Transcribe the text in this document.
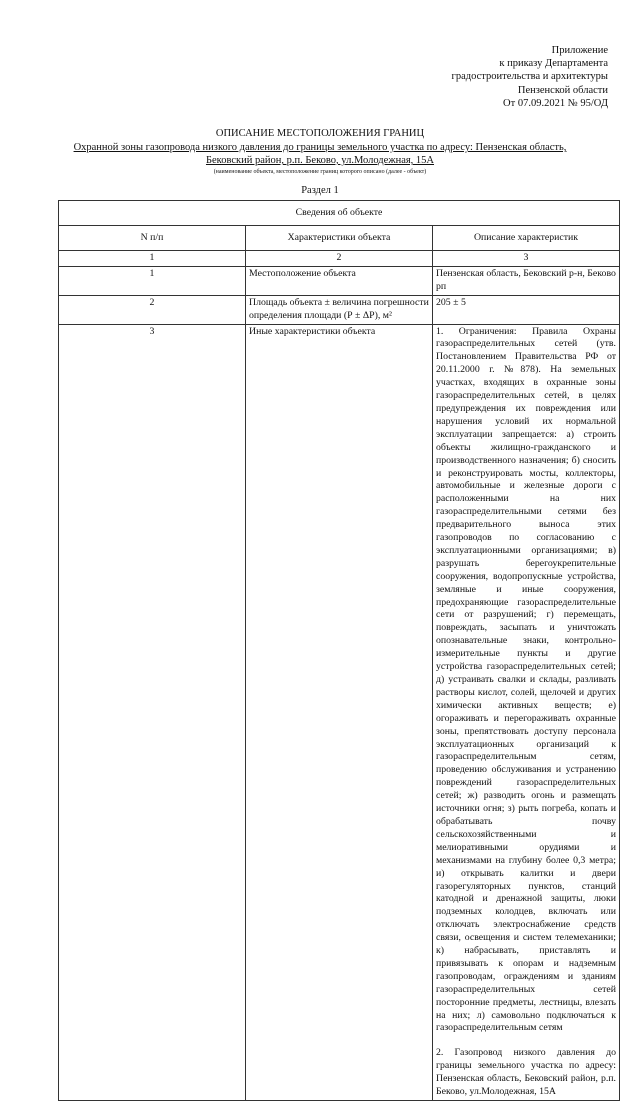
Приложение
к приказу Департамента
градостроительства и архитектуры
Пензенской области
От 07.09.2021 № 95/ОД
ОПИСАНИЕ МЕСТОПОЛОЖЕНИЯ ГРАНИЦ
Охранной зоны газопровода низкого давления до границы земельного участка по адресу: Пензенская область,
Бековский район, р.п. Беково, ул.Молодежная, 15А
(наименование объекта, местоположение границ которого описано (далее - объект)
Раздел 1
Сведения об объекте		
N п/п	Характеристики объекта	Описание характеристик
1	2	3
1	Местоположение объекта	Пензенская область, Бековский р-н, Беково рп
2	Площадь объекта ± величина погрешности определения площади (Р ± ΔР), м²	205 ± 5
3	Иные характеристики объекта	1. Ограничения: Правила Охраны газораспределительных сетей (утв. Постановлением Правительства РФ от 20.11.2000 г. №878). На земельных участках, входящих в охранные зоны газораспределительных сетей, в целях предупреждения их повреждения или нарушения условий их нормальной эксплуатации запрещается: а) строить объекты жилищно-гражданского и производственного назначения; б) сносить и реконструировать мосты, коллекторы, автомобильные и железные дороги с расположенными на них газораспределительными сетями без предварительного выноса этих газопроводов по согласованию с эксплуатационными организациями; в) разрушать берегоукрепительные сооружения, водопропускные устройства, земляные и иные сооружения, предохраняющие газораспределительные сети от разрушений; г) перемещать, повреждать, засыпать и уничтожать опознавательные знаки, контрольно-измерительные пункты и другие устройства газораспределительных сетей; д) устраивать свалки и склады, разливать растворы кислот, солей, щелочей и других химически активных веществ; е) огораживать и перегораживать охранные зоны, препятствовать доступу персонала эксплуатационных организаций к газораспределительным сетям, проведению обслуживания и устранению повреждений газораспределительных сетей; ж) разводить огонь и размещать источники огня; з) рыть погреба, копать и обрабатывать почву сельскохозяйственными и мелиоративными орудиями и механизмами на глубину более 0,3 метра; и) открывать калитки и двери газорегуляторных пунктов, станций катодной и дренажной защиты, люки подземных колодцев, включать или отключать электроснабжение средств связи, освещения и систем телемеханики; к) набрасывать, приставлять и привязывать к опорам и надземным газопроводам, ограждениям и зданиям газораспределительных сетей посторонние предметы, лестницы, влезать на них; л) самовольно подключаться к газораспределительным сетям

2. Газопровод низкого давления до границы земельного участка по адресу: Пензенская область, Бековский район, р.п. Беково, ул.Молодежная, 15А
